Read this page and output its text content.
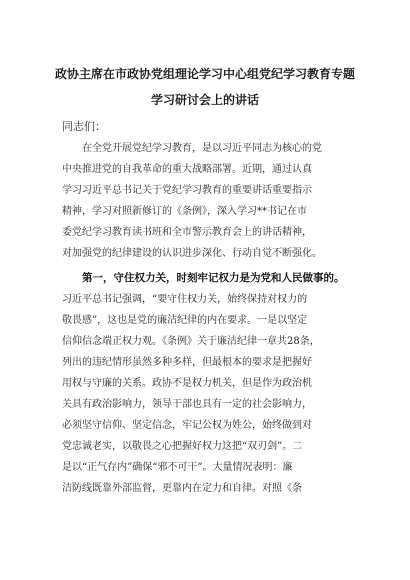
政协主席在市政协党组理论学习中心组党纪学习教育专题
学习研讨会上的讲话
同志们：
在全党开展党纪学习教育，是以习近平同志为核心的党
中央推进党的自我革命的重大战略部署。近期，通过认真
学习习近平总书记关于党纪学习教育的重要讲话重要指示
精神，学习对照新修订的《条例》，深入学习**书记在市
委党纪学习教育读书班和全市警示教育会上的讲话精神，
对加强党的纪律建设的认识进步深化、行动自觉不断强化。
第一，守住权力关，时刻牢记权力是为党和人民做事的。
习近平总书记强调，“要守住权力关，始终保持对权力的
敬畏感”，这也是党的廉洁纪律的内在要求。一是以坚定
信仰信念端正权力观。《条例》关于廉洁纪律一章共28条，
列出的违纪情形虽然多种多样，但最根本的要求是把握好
用权与守廉的关系。政协不是权力机关，但是作为政治机
关具有政治影响力，领导干部也具有一定的社会影响力，
必须坚守信仰、坚定信念，牢记公权为姓公，始终做到对
党忠诚老实，以敬畏之心把握好权力这把“双刃剑”。二
是以“正气存内”确保“邪不可干”。大量情况表明：廉
洁防线既靠外部监督，更靠内在定力和自律。对照《条
